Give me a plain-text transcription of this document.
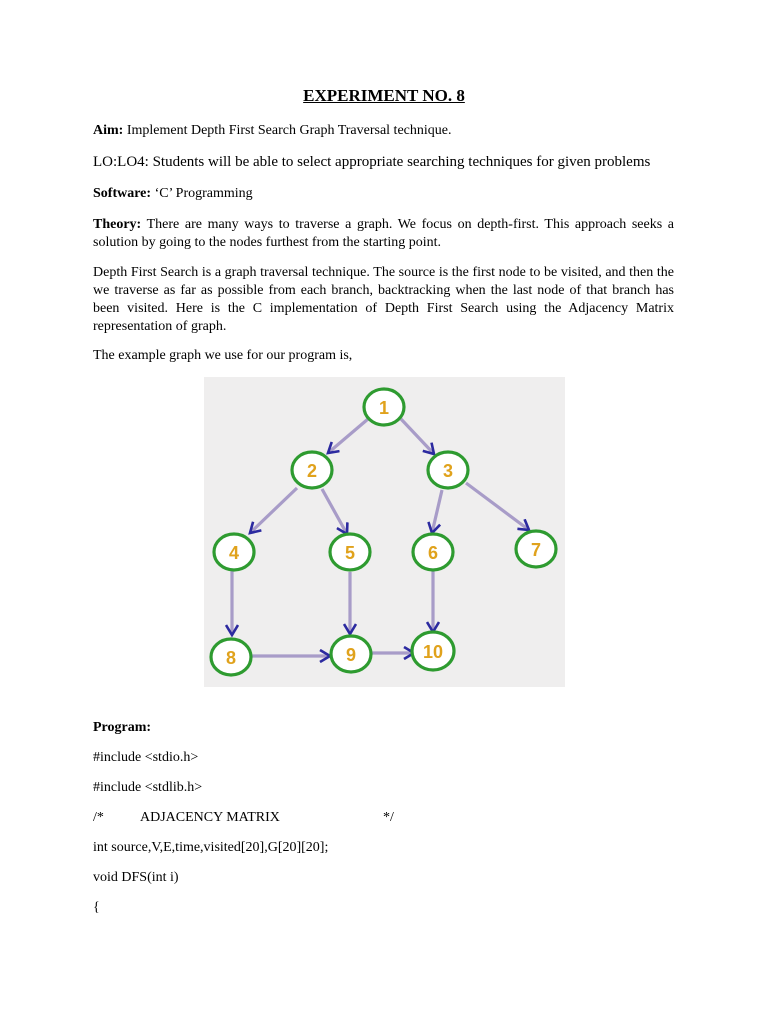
EXPERIMENT NO. 8
Aim: Implement Depth First Search Graph Traversal technique.
LO:LO4: Students will be able to select appropriate searching techniques for given problems
Software: ‘C’ Programming
Theory: There are many ways to traverse a graph. We focus on depth-first. This approach seeks a solution by going to the nodes furthest from the starting point.
Depth First Search is a graph traversal technique. The source is the first node to be visited, and then the we traverse as far as possible from each branch, backtracking when the last node of that branch has been visited. Here is the C implementation of Depth First Search using the Adjacency Matrix representation of graph.
The example graph we use for our program is,
1
2	3
4	5	6	7
8	9	10
Program:
#include <stdio.h>
#include <stdlib.h>
/*	ADJACENCY MATRIX	*/
int source,V,E,time,visited[20],G[20][20];
void DFS(int i)
{
